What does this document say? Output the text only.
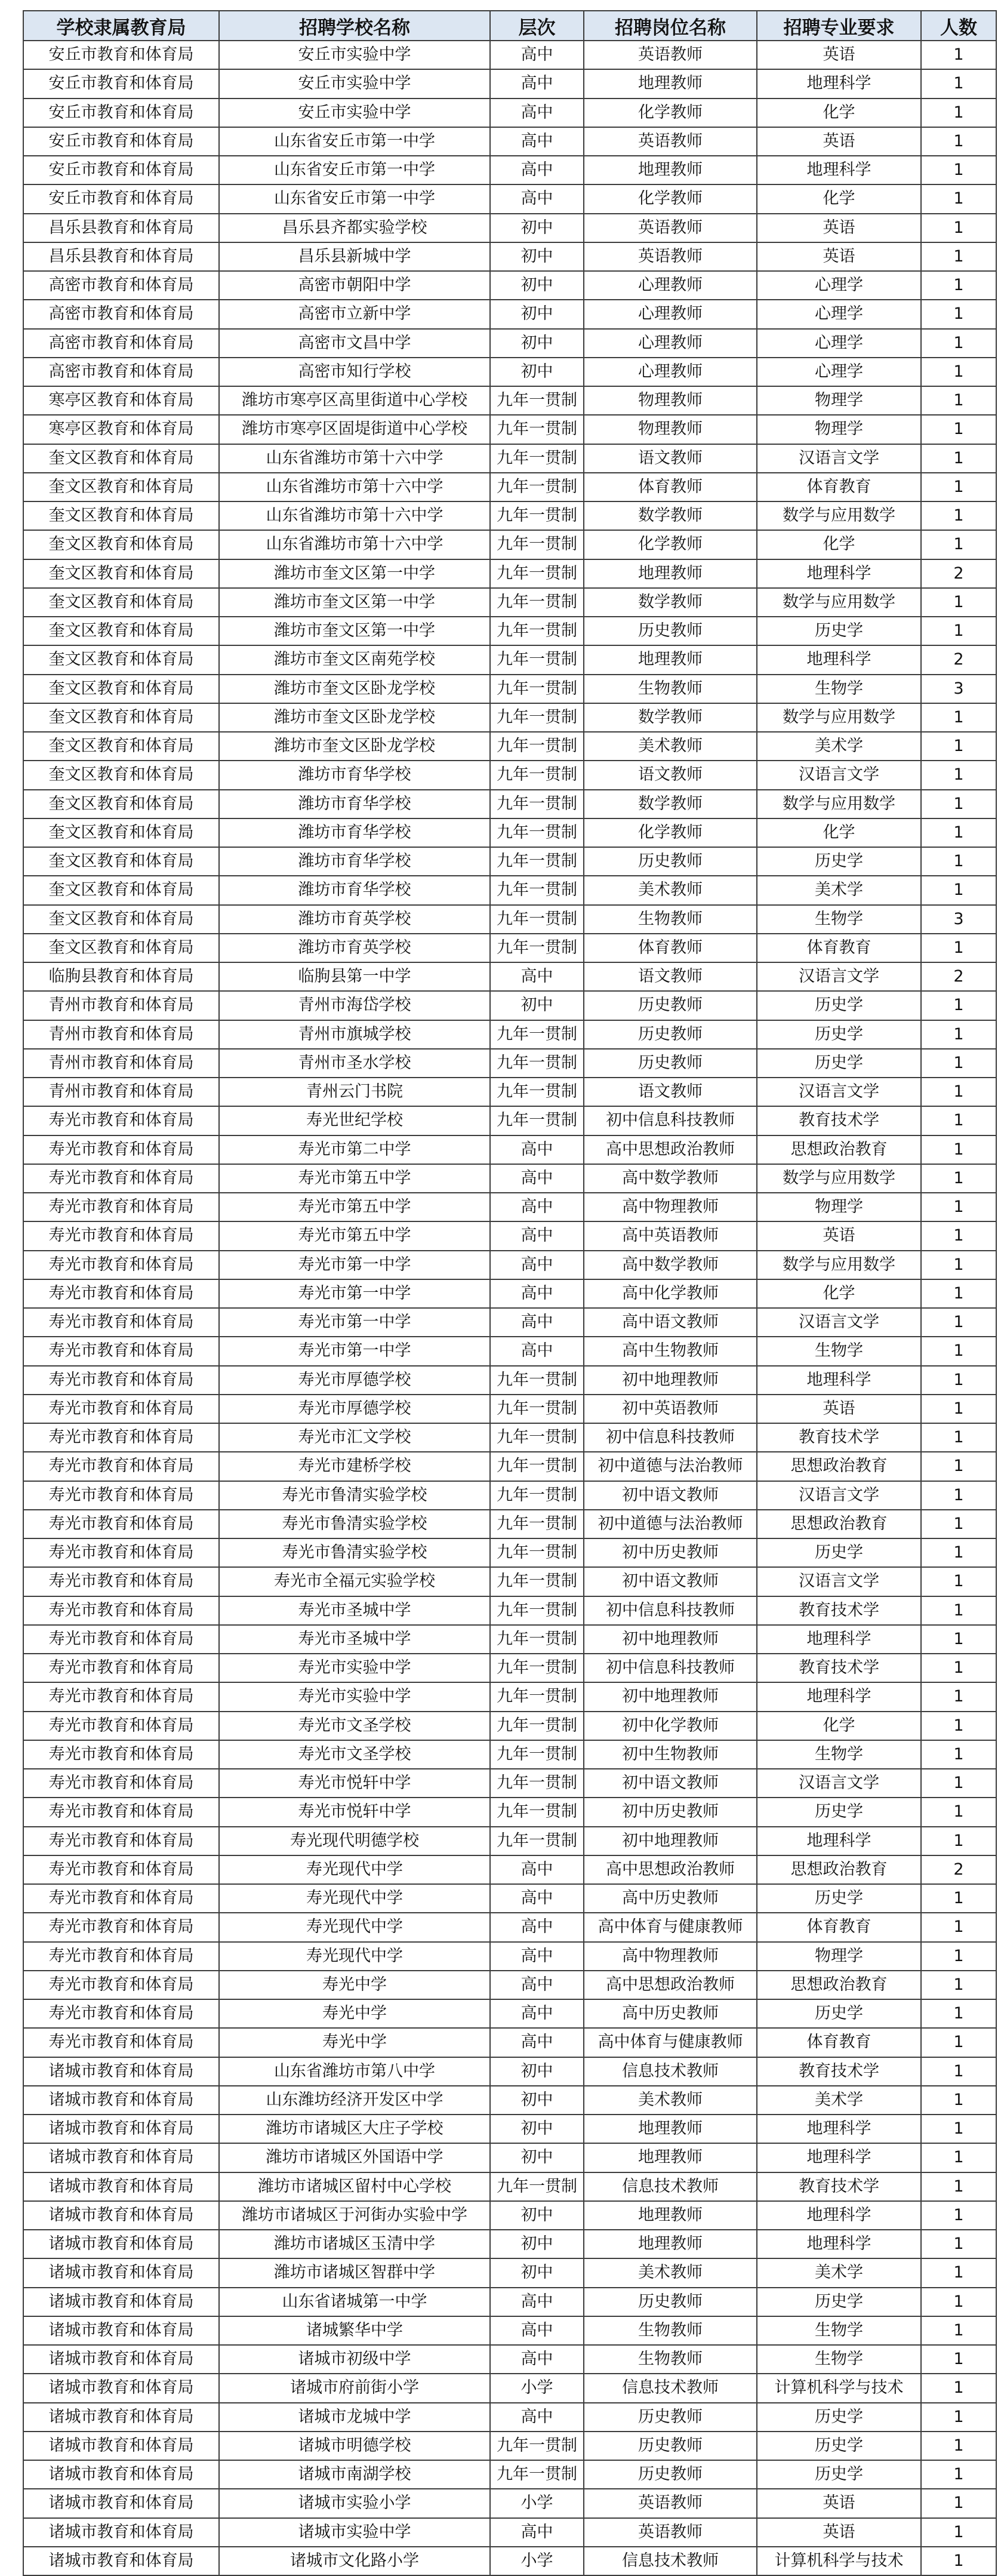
学校隶属教育局	招聘学校名称	层次	招聘岗位名称	招聘专业要求	人数
安丘市教育和体育局	安丘市实验中学	高中	英语教师	英语	1
安丘市教育和体育局	安丘市实验中学	高中	地理教师	地理科学	1
安丘市教育和体育局	安丘市实验中学	高中	化学教师	化学	1
安丘市教育和体育局	山东省安丘市第一中学	高中	英语教师	英语	1
安丘市教育和体育局	山东省安丘市第一中学	高中	地理教师	地理科学	1
安丘市教育和体育局	山东省安丘市第一中学	高中	化学教师	化学	1
昌乐县教育和体育局	昌乐县齐都实验学校	初中	英语教师	英语	1
昌乐县教育和体育局	昌乐县新城中学	初中	英语教师	英语	1
高密市教育和体育局	高密市朝阳中学	初中	心理教师	心理学	1
高密市教育和体育局	高密市立新中学	初中	心理教师	心理学	1
高密市教育和体育局	高密市文昌中学	初中	心理教师	心理学	1
高密市教育和体育局	高密市知行学校	初中	心理教师	心理学	1
寒亭区教育和体育局	潍坊市寒亭区高里街道中心学校	九年一贯制	物理教师	物理学	1
寒亭区教育和体育局	潍坊市寒亭区固堤街道中心学校	九年一贯制	物理教师	物理学	1
奎文区教育和体育局	山东省潍坊市第十六中学	九年一贯制	语文教师	汉语言文学	1
奎文区教育和体育局	山东省潍坊市第十六中学	九年一贯制	体育教师	体育教育	1
奎文区教育和体育局	山东省潍坊市第十六中学	九年一贯制	数学教师	数学与应用数学	1
奎文区教育和体育局	山东省潍坊市第十六中学	九年一贯制	化学教师	化学	1
奎文区教育和体育局	潍坊市奎文区第一中学	九年一贯制	地理教师	地理科学	2
奎文区教育和体育局	潍坊市奎文区第一中学	九年一贯制	数学教师	数学与应用数学	1
奎文区教育和体育局	潍坊市奎文区第一中学	九年一贯制	历史教师	历史学	1
奎文区教育和体育局	潍坊市奎文区南苑学校	九年一贯制	地理教师	地理科学	2
奎文区教育和体育局	潍坊市奎文区卧龙学校	九年一贯制	生物教师	生物学	3
奎文区教育和体育局	潍坊市奎文区卧龙学校	九年一贯制	数学教师	数学与应用数学	1
奎文区教育和体育局	潍坊市奎文区卧龙学校	九年一贯制	美术教师	美术学	1
奎文区教育和体育局	潍坊市育华学校	九年一贯制	语文教师	汉语言文学	1
奎文区教育和体育局	潍坊市育华学校	九年一贯制	数学教师	数学与应用数学	1
奎文区教育和体育局	潍坊市育华学校	九年一贯制	化学教师	化学	1
奎文区教育和体育局	潍坊市育华学校	九年一贯制	历史教师	历史学	1
奎文区教育和体育局	潍坊市育华学校	九年一贯制	美术教师	美术学	1
奎文区教育和体育局	潍坊市育英学校	九年一贯制	生物教师	生物学	3
奎文区教育和体育局	潍坊市育英学校	九年一贯制	体育教师	体育教育	1
临朐县教育和体育局	临朐县第一中学	高中	语文教师	汉语言文学	2
青州市教育和体育局	青州市海岱学校	初中	历史教师	历史学	1
青州市教育和体育局	青州市旗城学校	九年一贯制	历史教师	历史学	1
青州市教育和体育局	青州市圣水学校	九年一贯制	历史教师	历史学	1
青州市教育和体育局	青州云门书院	九年一贯制	语文教师	汉语言文学	1
寿光市教育和体育局	寿光世纪学校	九年一贯制	初中信息科技教师	教育技术学	1
寿光市教育和体育局	寿光市第二中学	高中	高中思想政治教师	思想政治教育	1
寿光市教育和体育局	寿光市第五中学	高中	高中数学教师	数学与应用数学	1
寿光市教育和体育局	寿光市第五中学	高中	高中物理教师	物理学	1
寿光市教育和体育局	寿光市第五中学	高中	高中英语教师	英语	1
寿光市教育和体育局	寿光市第一中学	高中	高中数学教师	数学与应用数学	1
寿光市教育和体育局	寿光市第一中学	高中	高中化学教师	化学	1
寿光市教育和体育局	寿光市第一中学	高中	高中语文教师	汉语言文学	1
寿光市教育和体育局	寿光市第一中学	高中	高中生物教师	生物学	1
寿光市教育和体育局	寿光市厚德学校	九年一贯制	初中地理教师	地理科学	1
寿光市教育和体育局	寿光市厚德学校	九年一贯制	初中英语教师	英语	1
寿光市教育和体育局	寿光市汇文学校	九年一贯制	初中信息科技教师	教育技术学	1
寿光市教育和体育局	寿光市建桥学校	九年一贯制	初中道德与法治教师	思想政治教育	1
寿光市教育和体育局	寿光市鲁清实验学校	九年一贯制	初中语文教师	汉语言文学	1
寿光市教育和体育局	寿光市鲁清实验学校	九年一贯制	初中道德与法治教师	思想政治教育	1
寿光市教育和体育局	寿光市鲁清实验学校	九年一贯制	初中历史教师	历史学	1
寿光市教育和体育局	寿光市全福元实验学校	九年一贯制	初中语文教师	汉语言文学	1
寿光市教育和体育局	寿光市圣城中学	九年一贯制	初中信息科技教师	教育技术学	1
寿光市教育和体育局	寿光市圣城中学	九年一贯制	初中地理教师	地理科学	1
寿光市教育和体育局	寿光市实验中学	九年一贯制	初中信息科技教师	教育技术学	1
寿光市教育和体育局	寿光市实验中学	九年一贯制	初中地理教师	地理科学	1
寿光市教育和体育局	寿光市文圣学校	九年一贯制	初中化学教师	化学	1
寿光市教育和体育局	寿光市文圣学校	九年一贯制	初中生物教师	生物学	1
寿光市教育和体育局	寿光市悦轩中学	九年一贯制	初中语文教师	汉语言文学	1
寿光市教育和体育局	寿光市悦轩中学	九年一贯制	初中历史教师	历史学	1
寿光市教育和体育局	寿光现代明德学校	九年一贯制	初中地理教师	地理科学	1
寿光市教育和体育局	寿光现代中学	高中	高中思想政治教师	思想政治教育	2
寿光市教育和体育局	寿光现代中学	高中	高中历史教师	历史学	1
寿光市教育和体育局	寿光现代中学	高中	高中体育与健康教师	体育教育	1
寿光市教育和体育局	寿光现代中学	高中	高中物理教师	物理学	1
寿光市教育和体育局	寿光中学	高中	高中思想政治教师	思想政治教育	1
寿光市教育和体育局	寿光中学	高中	高中历史教师	历史学	1
寿光市教育和体育局	寿光中学	高中	高中体育与健康教师	体育教育	1
诸城市教育和体育局	山东省潍坊市第八中学	初中	信息技术教师	教育技术学	1
诸城市教育和体育局	山东潍坊经济开发区中学	初中	美术教师	美术学	1
诸城市教育和体育局	潍坊市诸城区大庄子学校	初中	地理教师	地理科学	1
诸城市教育和体育局	潍坊市诸城区外国语中学	初中	地理教师	地理科学	1
诸城市教育和体育局	潍坊市诸城区留村中心学校	九年一贯制	信息技术教师	教育技术学	1
诸城市教育和体育局	潍坊市诸城区于河街办实验中学	初中	地理教师	地理科学	1
诸城市教育和体育局	潍坊市诸城区玉清中学	初中	地理教师	地理科学	1
诸城市教育和体育局	潍坊市诸城区智群中学	初中	美术教师	美术学	1
诸城市教育和体育局	山东省诸城第一中学	高中	历史教师	历史学	1
诸城市教育和体育局	诸城繁华中学	高中	生物教师	生物学	1
诸城市教育和体育局	诸城市初级中学	高中	生物教师	生物学	1
诸城市教育和体育局	诸城市府前街小学	小学	信息技术教师	计算机科学与技术	1
诸城市教育和体育局	诸城市龙城中学	高中	历史教师	历史学	1
诸城市教育和体育局	诸城市明德学校	九年一贯制	历史教师	历史学	1
诸城市教育和体育局	诸城市南湖学校	九年一贯制	历史教师	历史学	1
诸城市教育和体育局	诸城市实验小学	小学	英语教师	英语	1
诸城市教育和体育局	诸城市实验中学	高中	英语教师	英语	1
诸城市教育和体育局	诸城市文化路小学	小学	信息技术教师	计算机科学与技术	1
